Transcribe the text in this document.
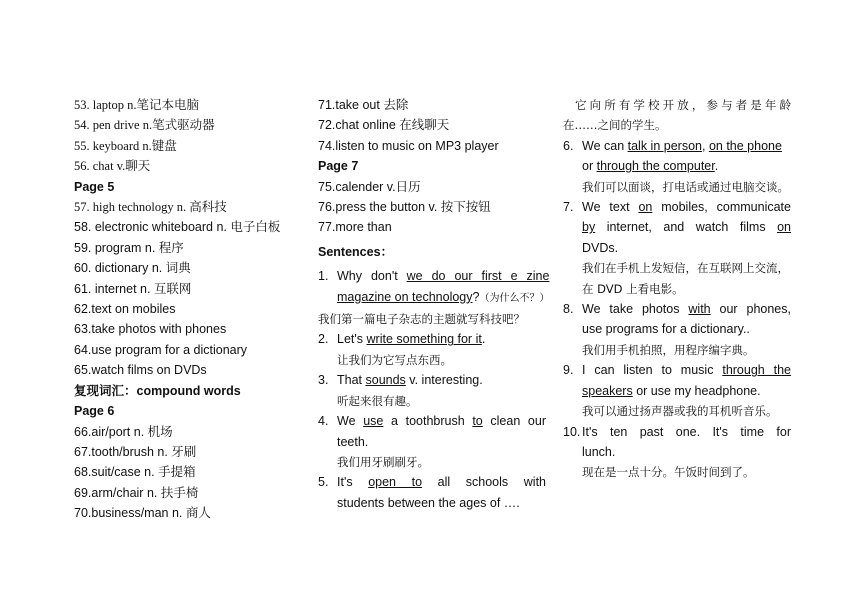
53. laptop n.笔记本电脑
54. pen drive n.笔式驱动器
55. keyboard n.键盘
56. chat v.聊天
Page 5
57. high technology n. 高科技
58. electronic whiteboard n. 电子白板
59. program n. 程序
60. dictionary n. 词典
61. internet n. 互联网
62.text on mobiles
63.take photos with phones
64.use program for a dictionary
65.watch films on DVDs
复现词汇：compound words
Page 6
66.air/port n. 机场
67.tooth/brush n. 牙刷
68.suit/case n. 手提箱
69.arm/chair n. 扶手椅
70.business/man n. 商人
71.take out 去除
72.chat online 在线聊天
74.listen to music on MP3 player
Page 7
75.calender v.日历
76.press the button v. 按下按钮
77.more than
Sentences：
1. Why  don't  we  do  our  first  e  zine
magazine on technology?（为什么不？）
我们第一篇电子杂志的主题就写科技吧？
2. Let's write something for it.
让我们为它写点东西。
3. That sounds v. interesting.
听起来很有趣。
4. We  use  a  toothbrush  to  clean  our
teeth.
我们用牙刷刷牙。
5. It's    open    to    all    schools    with
students between the ages of ….
它向所有学校开放，参与者是年龄
在……之间的学生。
6. We can talk in person, on the phone
or through the computer.
我们可以面谈，打电话或通过电脑交谈。
7. We  text  on  mobiles,  communicate
by  internet,  and  watch  films  on
DVDs.
我们在手机上发短信，在互联网上交流，
在 DVD 上看电影。
8. We  take  photos  with  our  phones,
use programs for a dictionary..
我们用手机拍照，用程序编字典。
9. I  can  listen  to  music  through  the
speakers or use my headphone.
我可以通过扬声器或我的耳机听音乐。
10. It's  ten  past  one.  It's  time  for
lunch.
现在是一点十分。午饭时间到了。
